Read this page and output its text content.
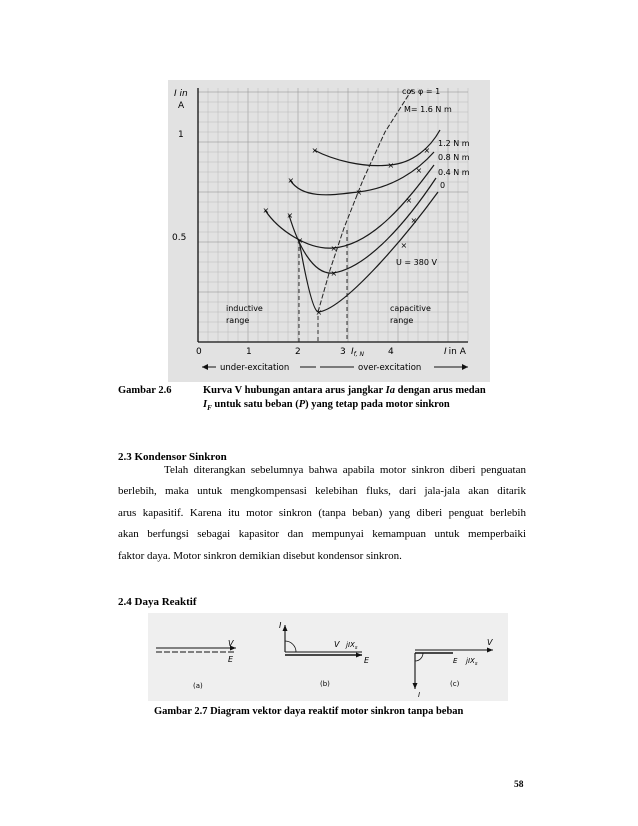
×
×
×
×
×
×
×
×
×
×
×
×
×
×
×
I in
A
1
0.5
0	1	2	3	4
$I_{f, N}$	I in A
cos φ = 1
M= 1.6 N m
1.2 N m
0.8 N m
0.4 N m
0
U = 380 V
inductive
range
capacitive
range
under-excitation	over-excitation
Gambar 2.6	Kurva V hubungan antara arus jangkar Ia dengan arus medan
$I_F$ untuk satu beban (P) yang tetap pada motor sinkron
2.3 Kondensor Sinkron
Telah diterangkan sebelumnya bahwa apabila motor sinkron diberi penguatan
berlebih, maka untuk mengkompensasi kelebihan fluks, dari jala-jala akan ditarik
arus kapasitif. Karena itu motor sinkron (tanpa beban) yang diberi penguat berlebih
akan berfungsi sebagai kapasitor dan mempunyai kemampuan untuk memperbaiki
faktor daya. Motor sinkron demikian disebut kondensor sinkron.
2.4 Daya Reaktif
V
E
(a)
I
V jIX$_s$
E
(b)
V
E jIX$_s$
I
(c)
Gambar 2.7 Diagram vektor daya reaktif motor sinkron tanpa beban
58
